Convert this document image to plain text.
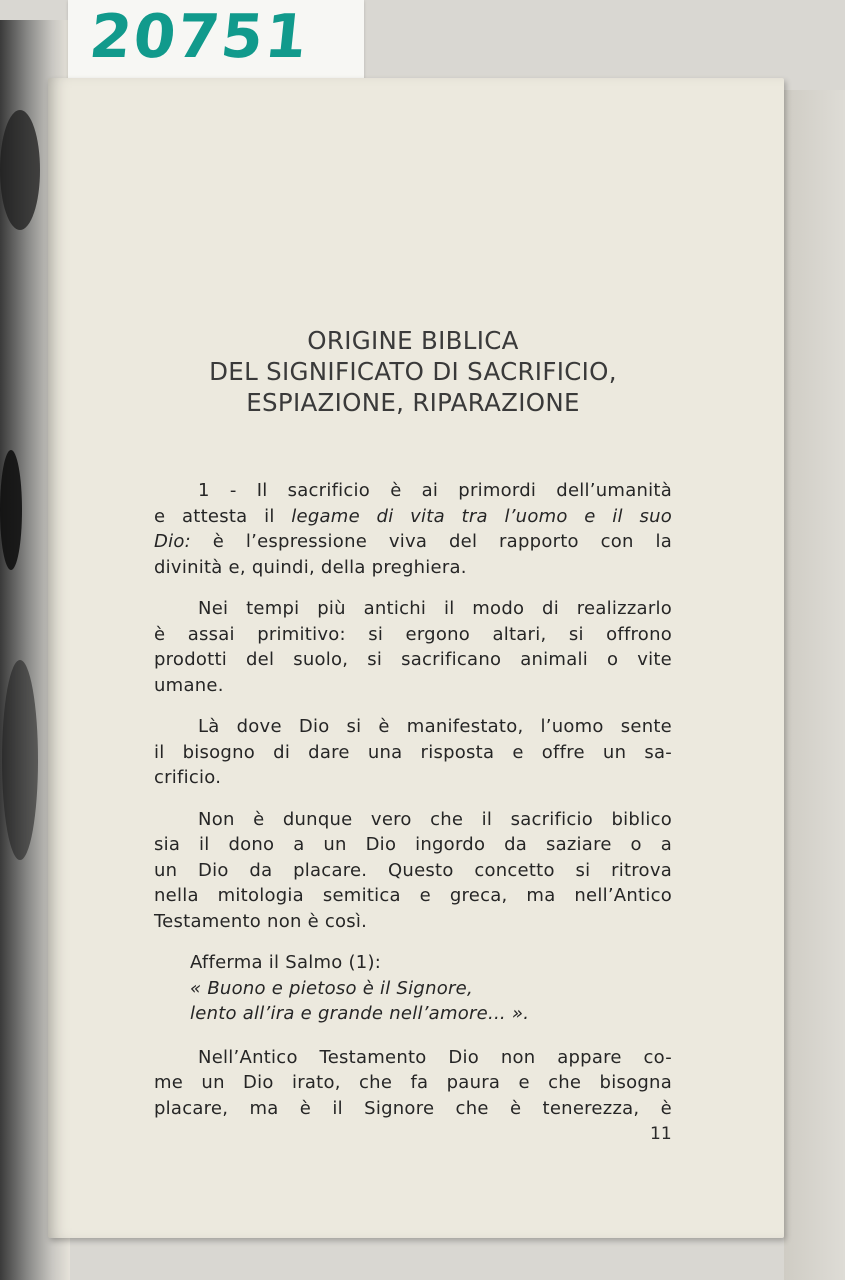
20751
ORIGINE BIBLICA
DEL SIGNIFICATO DI SACRIFICIO,
ESPIAZIONE, RIPARAZIONE

1 - Il sacrificio è ai primordi dell’umanità
e attesta il legame di vita tra l’uomo e il suo
Dio: è l’espressione viva del rapporto con la
divinità e, quindi, della preghiera.

Nei tempi più antichi il modo di realizzarlo
è assai primitivo: si ergono altari, si offrono
prodotti del suolo, si sacrificano animali o vite
umane.

Là dove Dio si è manifestato, l’uomo sente
il bisogno di dare una risposta e offre un sa-
crificio.

Non è dunque vero che il sacrificio biblico
sia il dono a un Dio ingordo da saziare o a
un Dio da placare. Questo concetto si ritrova
nella mitologia semitica e greca, ma nell’Antico
Testamento non è così.

Afferma il Salmo (1):
« Buono e pietoso è il Signore,
lento all’ira e grande nell’amore... ».

Nell’Antico Testamento Dio non appare co-
me un Dio irato, che fa paura e che bisogna
placare, ma è il Signore che è tenerezza, è

11
